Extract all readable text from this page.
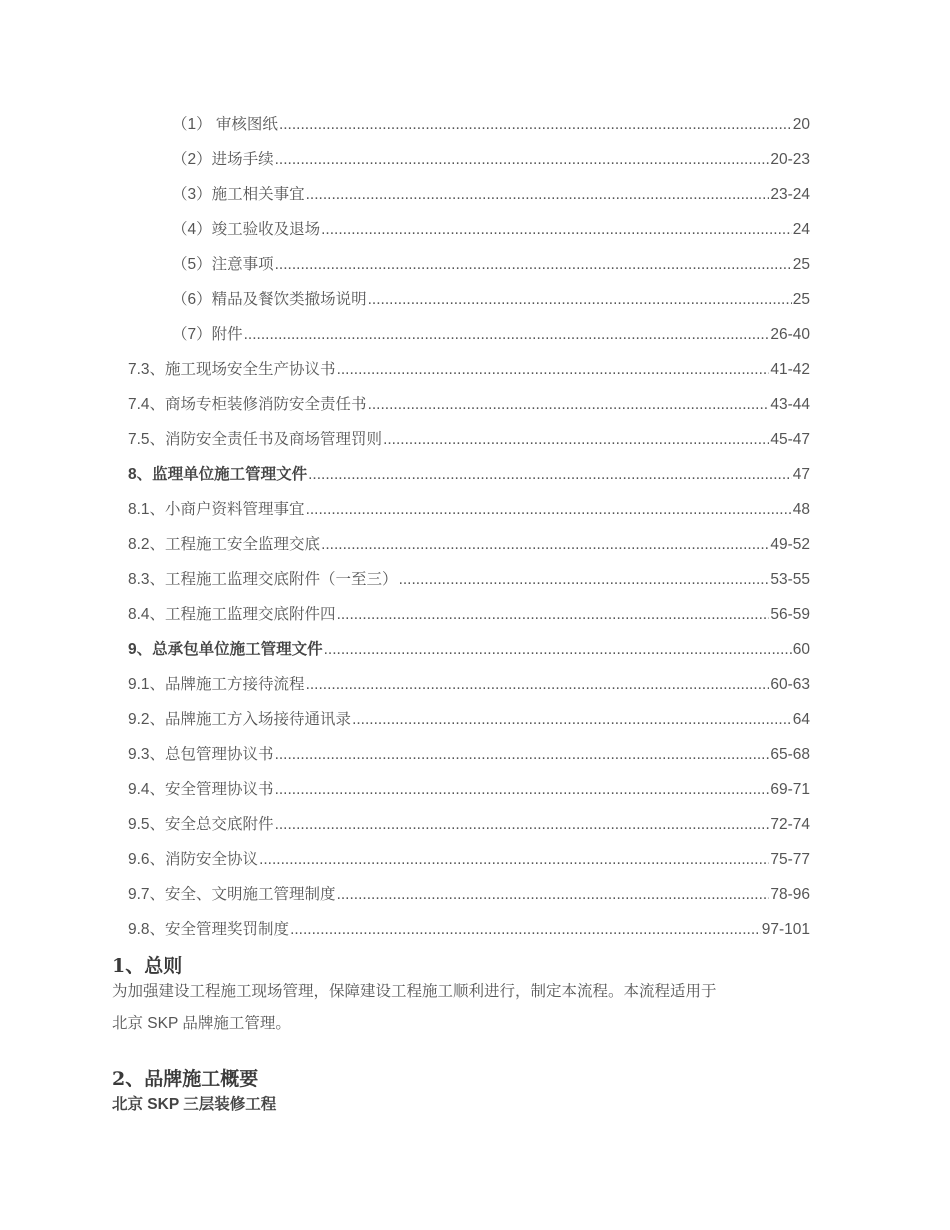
（1） 审核图纸 .....	20
（2）进场手续 .....	20-23
（3）施工相关事宜 .....	23-24
（4）竣工验收及退场 .....	24
（5）注意事项 .....	25
（6）精品及餐饮类撤场说明 .....	25
（7）附件 .....	26-40
7.3、施工现场安全生产协议书 .....	41-42
7.4、商场专柜装修消防安全责任书 .....	43-44
7.5、消防安全责任书及商场管理罚则 .....	45-47
8、监理单位施工管理文件 .....	47
8.1、小商户资料管理事宜 .....	48
8.2、工程施工安全监理交底 .....	49-52
8.3、工程施工监理交底附件（一至三） .....	53-55
8.4、工程施工监理交底附件四 .....	56-59
9、总承包单位施工管理文件 .....	60
9.1、品牌施工方接待流程 .....	60-63
9.2、品牌施工方入场接待通讯录 .....	64
9.3、总包管理协议书 .....	65-68
9.4、安全管理协议书 .....	69-71
9.5、安全总交底附件 .....	72-74
9.6、消防安全协议 .....	75-77
9.7、安全、文明施工管理制度 .....	78-96
9.8、安全管理奖罚制度 .....	97-101
1、总则
为加强建设工程施工现场管理，保障建设工程施工顺利进行，制定本流程。本流程适用于
北京 SKP 品牌施工管理。
2、品牌施工概要
北京 SKP 三层装修工程
